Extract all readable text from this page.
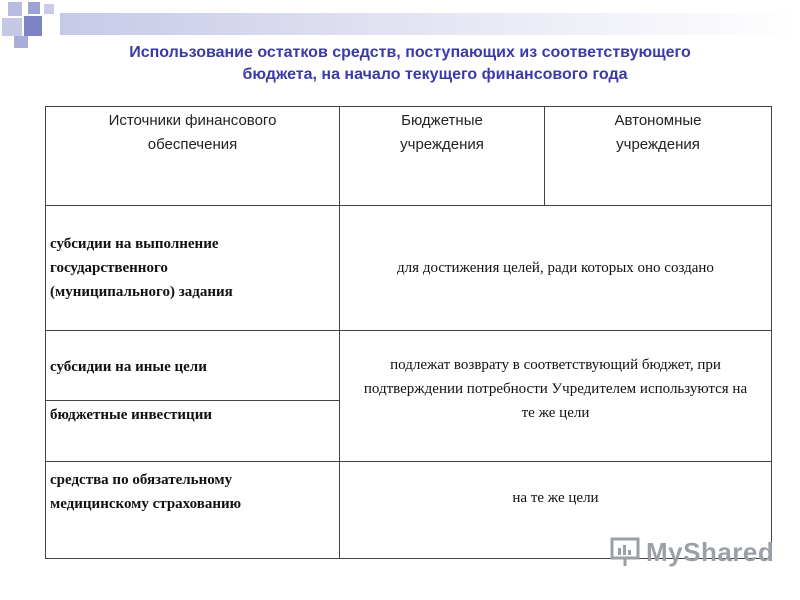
Использование остатков средств, поступающих из соответствующего
бюджета, на начало текущего финансового года
Источники финансового обеспечения	Бюджетные учреждения	Автономные учреждения

субсидии на выполнение государственного (муниципального) задания	для достижения целей, ради которых оно создано	
субсидии на иные цели	подлежат возврату в соответствующий бюджет, при подтверждении потребности Учредителем используются на те же цели	

бюджетные инвестиции		

средства по обязательному медицинскому страхованию	на те же цели	
MyShared
